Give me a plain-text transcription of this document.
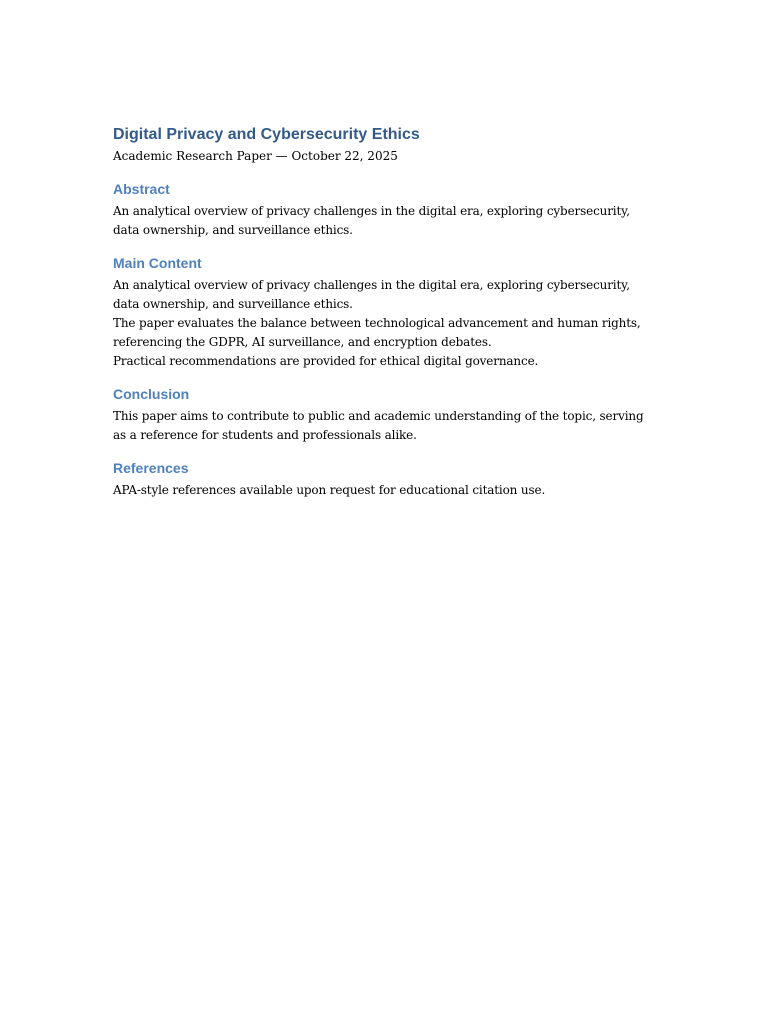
Digital Privacy and Cybersecurity Ethics

Academic Research Paper — October 22, 2025

Abstract

An analytical overview of privacy challenges in the digital era, exploring cybersecurity, data ownership, and surveillance ethics.

Main Content

An analytical overview of privacy challenges in the digital era, exploring cybersecurity, data ownership, and surveillance ethics.

The paper evaluates the balance between technological advancement and human rights, referencing the GDPR, AI surveillance, and encryption debates.

Practical recommendations are provided for ethical digital governance.

Conclusion

This paper aims to contribute to public and academic understanding of the topic, serving as a reference for students and professionals alike.

References

APA-style references available upon request for educational citation use.
